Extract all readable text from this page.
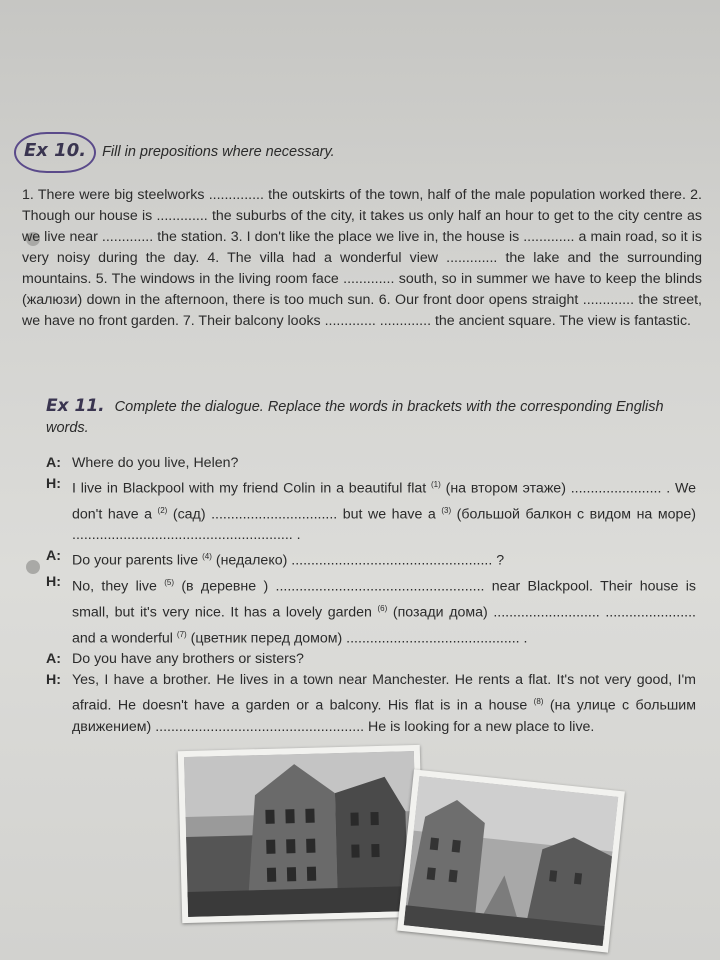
Ex 10.	Fill in prepositions where necessary.
1. There were big steelworks .............. the outskirts of the town, half of the male population worked there. 2. Though our house is ............. the suburbs of the city, it takes us only half an hour to get to the city centre as we live near ............. the station. 3. I don't like the place we live in, the house is ............. a main road, so it is very noisy during the day. 4. The villa had a wonderful view ............. the lake and the surrounding mountains. 5. The windows in the living room face ............. south, so in summer we have to keep the blinds (жалюзи) down in the afternoon, there is too much sun. 6. Our front door opens straight ............. the street, we have no front garden. 7. Their balcony looks ............. ............. the ancient square. The view is fantastic.
Ex 11. Complete the dialogue. Replace the words in brackets with the corresponding English words.
A: Where do you live, Helen?
H: I live in Blackpool with my friend Colin in a beautiful flat $^{(1)}$ (на втором этаже) ....................... . We don't have a $^{(2)}$ (сад) ................................ but we have a $^{(3)}$ (большой балкон с видом на море) ........................................................ .
A: Do your parents live $^{(4)}$ (недалеко) ................................................... ?
H: No, they live $^{(5)}$ (в деревне ) ..................................................... near Blackpool. Their house is small, but it's very nice. It has a lovely garden $^{(6)}$ (позади дома) ........................... ....................... and a wonderful $^{(7)}$ (цветник перед домом) ............................................ .
A: Do you have any brothers or sisters?
H: Yes, I have a brother. He lives in a town near Manchester. He rents a flat. It's not very good, I'm afraid. He doesn't have a garden or a balcony. His flat is in a house $^{(8)}$ (на улице с большим движением) ..................................................... He is looking for a new place to live.
